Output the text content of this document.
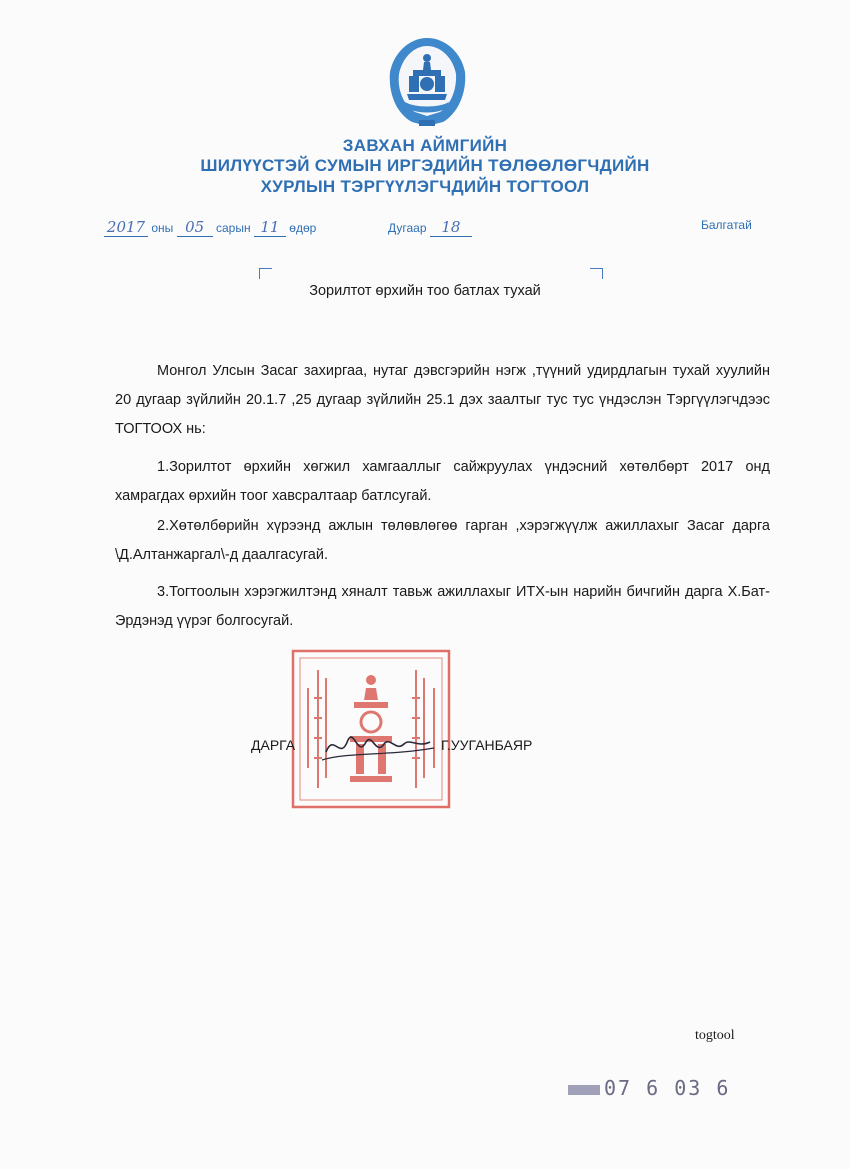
ЗАВХАН АЙМГИЙН
ШИЛҮҮСТЭЙ СУМЫН ИРГЭДИЙН ТӨЛӨӨЛӨГЧДИЙН
ХУРЛЫН ТЭРГҮҮЛЭГЧДИЙН ТОГТООЛ
2017 оны 05 сарын 11 өдөр	Дугаар 18	Балгатай
Зорилтот өрхийн тоо батлах тухай

Монгол Улсын Засаг захиргаа, нутаг дэвсгэрийн нэгж ,түүний удирдлагын тухай хуулийн 20 дугаар зүйлийн 20.1.7 ,25 дугаар зүйлийн 25.1 дэх заалтыг тус тус үндэслэн Тэргүүлэгчдээс ТОГТООХ нь:

1.Зорилтот өрхийн хөгжил хамгааллыг сайжруулах үндэсний хөтөлбөрт 2017 онд хамрагдах өрхийн тоог хавсралтаар батлсугай.

2.Хөтөлбөрийн хүрээнд ажлын төлөвлөгөө гарган ,хэрэгжүүлж ажиллахыг Засаг дарга \Д.Алтанжаргал\-д даалгасугай.

3.Тогтоолын хэрэгжилтэнд хяналт тавьж ажиллахыг ИТХ-ын нарийн бичгийн дарга Х.Бат-Эрдэнэд үүрэг болгосугай.

ДАРГА	Г.УУГАНБАЯР
togtool
07 6 03 6
